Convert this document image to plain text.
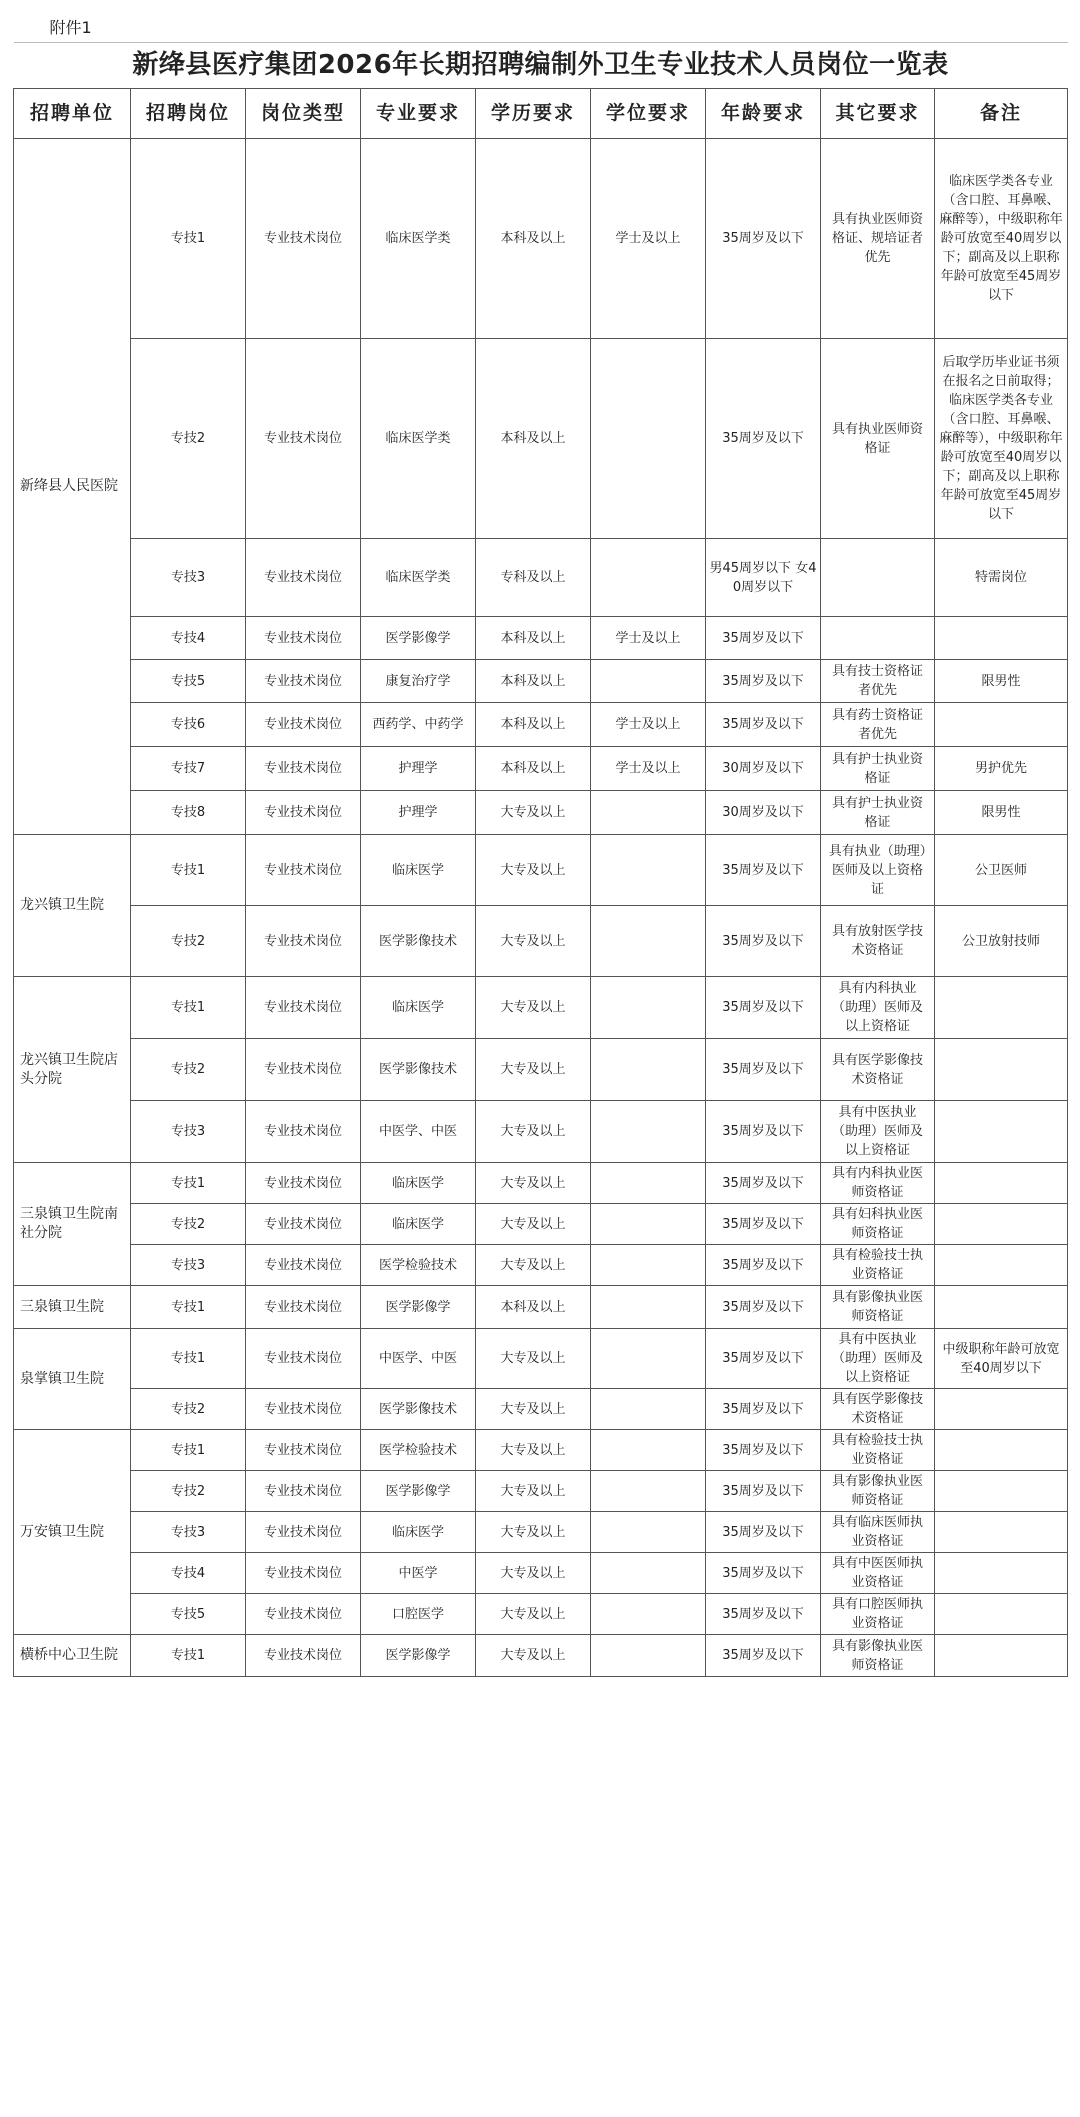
附件1								
新绛县医疗集团2026年长期招聘编制外卫生专业技术人员岗位一览表								
招聘单位	招聘岗位	岗位类型	专业要求	学历要求	学位要求	年龄要求	其它要求	备注
新绛县人民医院	专技1	专业技术岗位	临床医学类	本科及以上	学士及以上	35周岁及以下	具有执业医师资格证、规培证者优先	临床医学类各专业（含口腔、耳鼻喉、麻醉等），中级职称年龄可放宽至40周岁以下；副高及以上职称年龄可放宽至45周岁以下
	专技2	专业技术岗位	临床医学类	本科及以上		35周岁及以下	具有执业医师资格证	后取学历毕业证书须在报名之日前取得；临床医学类各专业（含口腔、耳鼻喉、麻醉等），中级职称年龄可放宽至40周岁以下；副高及以上职称年龄可放宽至45周岁以下
	专技3	专业技术岗位	临床医学类	专科及以上		男45周岁以下 女40周岁以下		特需岗位
	专技4	专业技术岗位	医学影像学	本科及以上	学士及以上	35周岁及以下		
	专技5	专业技术岗位	康复治疗学	本科及以上		35周岁及以下	具有技士资格证者优先	限男性
	专技6	专业技术岗位	西药学、中药学	本科及以上	学士及以上	35周岁及以下	具有药士资格证者优先	
	专技7	专业技术岗位	护理学	本科及以上	学士及以上	30周岁及以下	具有护士执业资格证	男护优先
	专技8	专业技术岗位	护理学	大专及以上		30周岁及以下	具有护士执业资格证	限男性
龙兴镇卫生院	专技1	专业技术岗位	临床医学	大专及以上		35周岁及以下	具有执业（助理）医师及以上资格证	公卫医师
	专技2	专业技术岗位	医学影像技术	大专及以上		35周岁及以下	具有放射医学技术资格证	公卫放射技师
龙兴镇卫生院店头分院	专技1	专业技术岗位	临床医学	大专及以上		35周岁及以下	具有内科执业（助理）医师及以上资格证	
	专技2	专业技术岗位	医学影像技术	大专及以上		35周岁及以下	具有医学影像技术资格证	
	专技3	专业技术岗位	中医学、中医	大专及以上		35周岁及以下	具有中医执业（助理）医师及以上资格证	
三泉镇卫生院南社分院	专技1	专业技术岗位	临床医学	大专及以上		35周岁及以下	具有内科执业医师资格证	
	专技2	专业技术岗位	临床医学	大专及以上		35周岁及以下	具有妇科执业医师资格证	
	专技3	专业技术岗位	医学检验技术	大专及以上		35周岁及以下	具有检验技士执业资格证	
三泉镇卫生院	专技1	专业技术岗位	医学影像学	本科及以上		35周岁及以下	具有影像执业医师资格证	
泉掌镇卫生院	专技1	专业技术岗位	中医学、中医	大专及以上		35周岁及以下	具有中医执业（助理）医师及以上资格证	中级职称年龄可放宽至40周岁以下
	专技2	专业技术岗位	医学影像技术	大专及以上		35周岁及以下	具有医学影像技术资格证	
万安镇卫生院	专技1	专业技术岗位	医学检验技术	大专及以上		35周岁及以下	具有检验技士执业资格证	
	专技2	专业技术岗位	医学影像学	大专及以上		35周岁及以下	具有影像执业医师资格证	
	专技3	专业技术岗位	临床医学	大专及以上		35周岁及以下	具有临床医师执业资格证	
	专技4	专业技术岗位	中医学	大专及以上		35周岁及以下	具有中医医师执业资格证	
	专技5	专业技术岗位	口腔医学	大专及以上		35周岁及以下	具有口腔医师执业资格证	
横桥中心卫生院	专技1	专业技术岗位	医学影像学	大专及以上		35周岁及以下	具有影像执业医师资格证	
